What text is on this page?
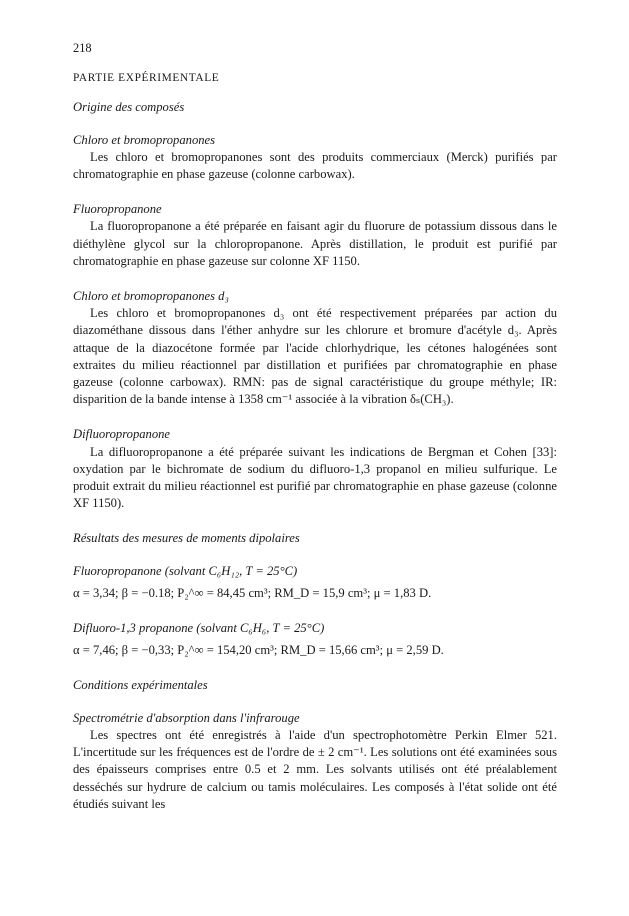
218
PARTIE EXPÉRIMENTALE
Origine des composés
Chloro et bromopropanones

Les chloro et bromopropanones sont des produits commerciaux (Merck) purifiés par chromatographie en phase gazeuse (colonne carbowax).

Fluoropropanone

La fluoropropanone a été préparée en faisant agir du fluorure de potassium dissous dans le diéthylène glycol sur la chloropropanone. Après distillation, le produit est purifié par chromatographie en phase gazeuse sur colonne XF 1150.

Chloro et bromopropanones d₃

Les chloro et bromopropanones d₃ ont été respectivement préparées par action du diazométhane dissous dans l'éther anhydre sur les chlorure et bromure d'acétyle d₃. Après attaque de la diazocétone formée par l'acide chlorhydrique, les cétones halogénées sont extraites du milieu réactionnel par distillation et purifiées par chromatographie en phase gazeuse (colonne carbowax). RMN: pas de signal caractéristique du groupe méthyle; IR: disparition de la bande intense à 1358 cm⁻¹ associée à la vibration δₛ(CH₃).

Difluoropropanone

La difluoropropanone a été préparée suivant les indications de Bergman et Cohen [33]: oxydation par le bichromate de sodium du difluoro-1,3 propanol en milieu sulfurique. Le produit extrait du milieu réactionnel est purifié par chromatographie en phase gazeuse (colonne XF 1150).

Résultats des mesures de moments dipolaires
Fluoropropanone (solvant C₆H₁₂, T = 25°C)
α = 3,34; β = −0.18; P₂^∞ = 84,45 cm³; RM_D = 15,9 cm³; μ = 1,83 D.
Difluoro-1,3 propanone (solvant C₆H₆, T = 25°C)
α = 7,46; β = −0,33; P₂^∞ = 154,20 cm³; RM_D = 15,66 cm³; μ = 2,59 D.
Conditions expérimentales
Spectrométrie d'absorption dans l'infrarouge

Les spectres ont été enregistrés à l'aide d'un spectrophotomètre Perkin Elmer 521. L'incertitude sur les fréquences est de l'ordre de ± 2 cm⁻¹. Les solutions ont été examinées sous des épaisseurs comprises entre 0.5 et 2 mm. Les solvants utilisés ont été préalablement desséchés sur hydrure de calcium ou tamis moléculaires. Les composés à l'état solide ont été étudiés suivant les
